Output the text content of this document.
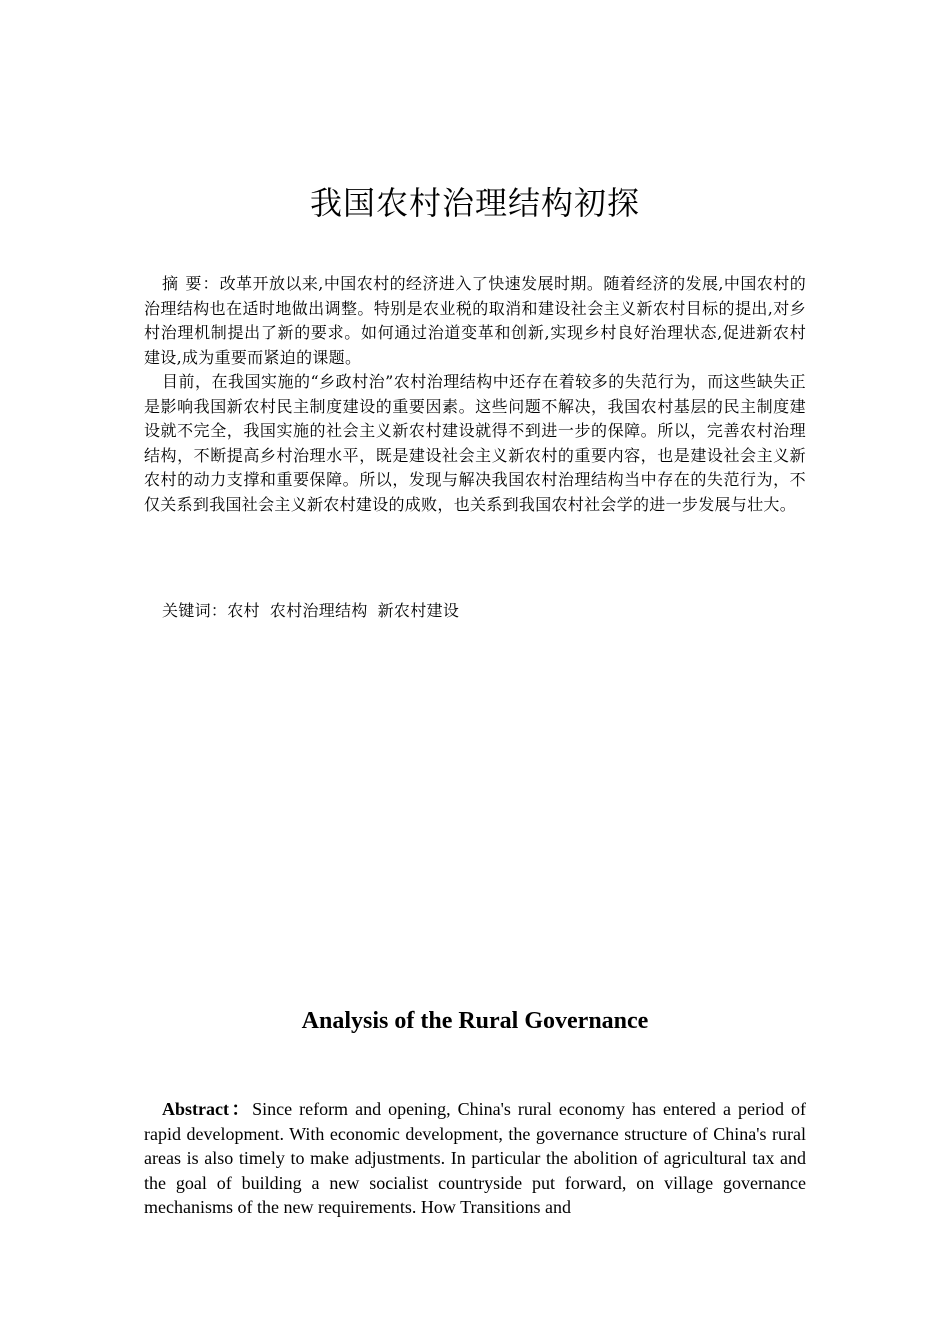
我国农村治理结构初探

摘 要：改革开放以来,中国农村的经济进入了快速发展时期。随着经济的发展,中国农村的治理结构也在适时地做出调整。特别是农业税的取消和建设社会主义新农村目标的提出,对乡村治理机制提出了新的要求。如何通过治道变革和创新,实现乡村良好治理状态,促进新农村建设,成为重要而紧迫的课题。

目前，在我国实施的“乡政村治”农村治理结构中还存在着较多的失范行为，而这些缺失正是影响我国新农村民主制度建设的重要因素。这些问题不解决，我国农村基层的民主制度建设就不完全，我国实施的社会主义新农村建设就得不到进一步的保障。所以，完善农村治理结构，不断提高乡村治理水平，既是建设社会主义新农村的重要内容，也是建设社会主义新农村的动力支撑和重要保障。所以，发现与解决我国农村治理结构当中存在的失范行为，不仅关系到我国社会主义新农村建设的成败，也关系到我国农村社会学的进一步发展与壮大。

关键词：农村 农村治理结构 新农村建设
Analysis of the Rural Governance

Abstract：Since reform and opening, China's rural economy has entered a period of rapid development. With economic development, the governance structure of China's rural areas is also timely to make adjustments. In particular the abolition of agricultural tax and the goal of building a new socialist countryside put forward, on village governance mechanisms of the new requirements. How Transitions and
